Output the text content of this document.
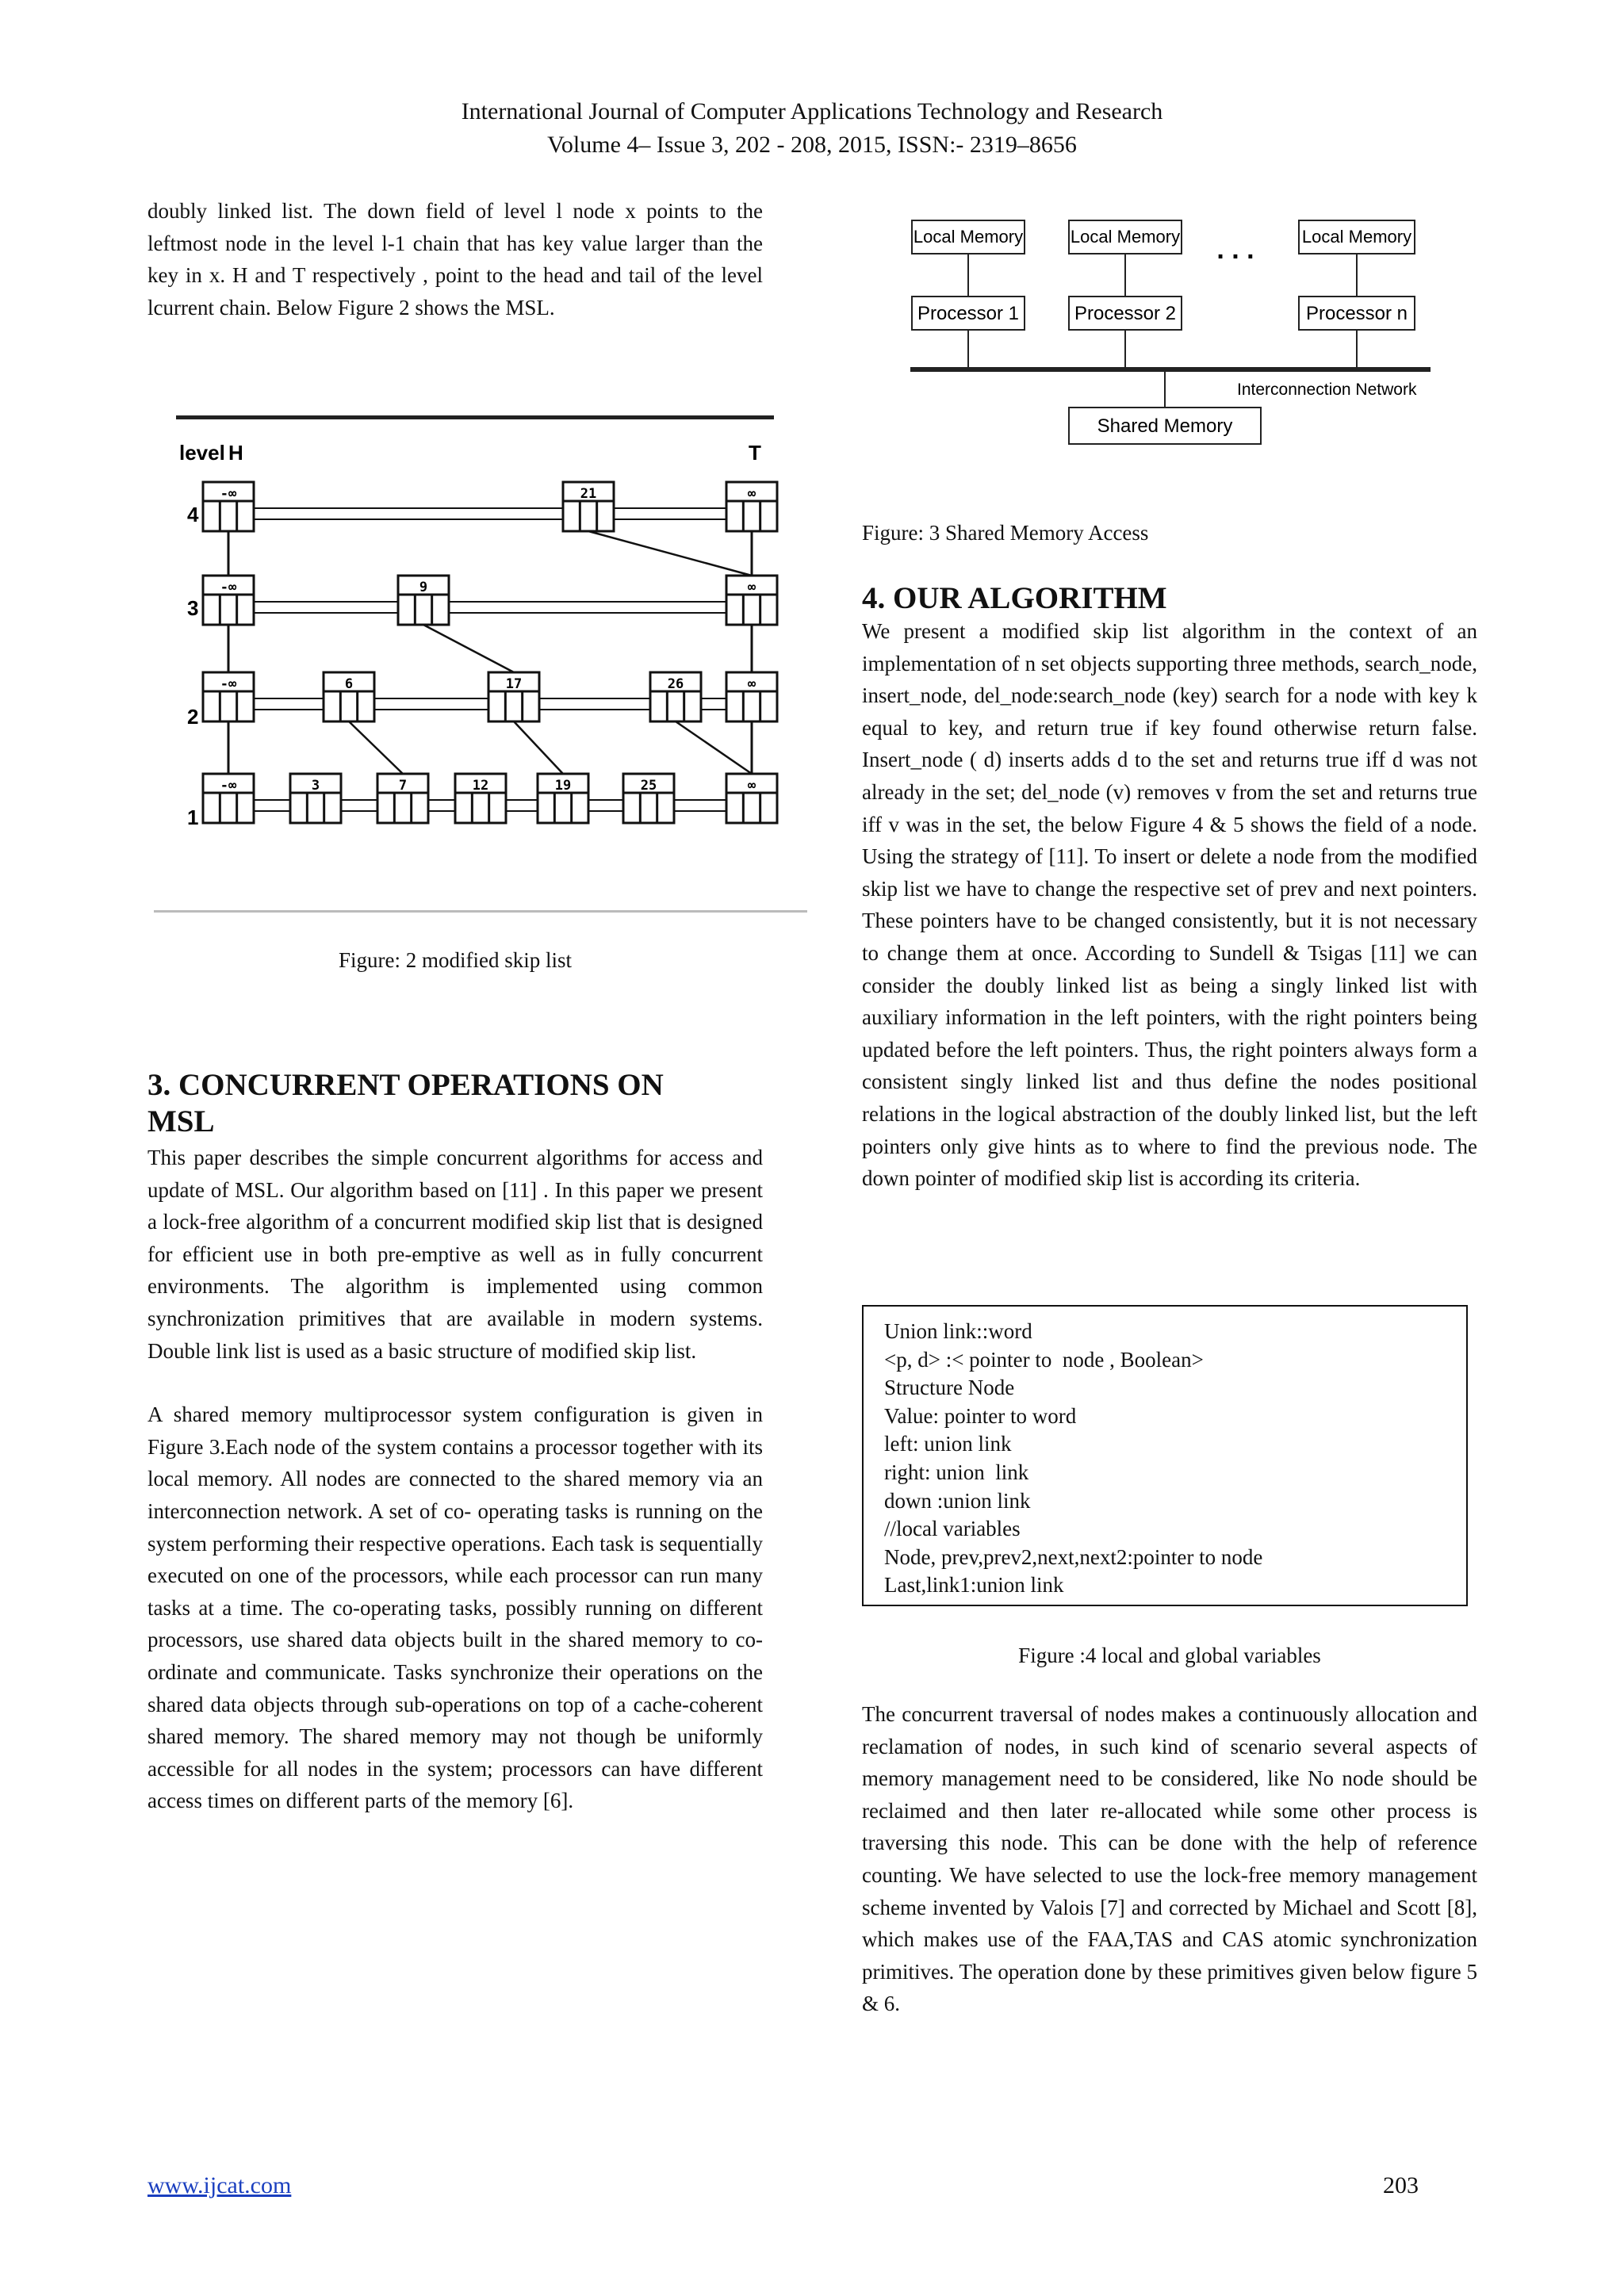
International Journal of Computer Applications Technology and Research
Volume 4– Issue 3, 202 - 208, 2015, ISSN:- 2319–8656

doubly linked list. The down field of level l node x points to the leftmost node in the level l-1 chain that has key value larger than the key in x. H and T respectively , point to the head and tail of the level lcurrent chain. Below Figure 2 shows the MSL.

level H	T
4
3
2
1
-∞	∞
21
-∞	∞
9
-∞	∞
6	17	26
-∞	∞
3	7	12	19	25
Figure: 2 modified skip list
3. CONCURRENT OPERATIONS ON
MSL

This paper describes the simple concurrent algorithms for access and update of MSL. Our algorithm based on [11] . In this paper we present a lock-free algorithm of a concurrent modified skip list that is designed for efficient use in both pre-emptive as well as in fully concurrent environments. The algorithm is implemented using common synchronization primitives that are available in modern systems. Double link list is used as a basic structure of modified skip list.

A shared memory multiprocessor system configuration is given in Figure 3.Each node of the system contains a processor together with its local memory. All nodes are connected to the shared memory via an interconnection network. A set of co- operating tasks is running on the system performing their respective operations. Each task is sequentially executed on one of the processors, while each processor can run many tasks at a time. The co-operating tasks, possibly running on different processors, use shared data objects built in the shared memory to co-ordinate and communicate. Tasks synchronize their operations on the shared data objects through sub-operations on top of a cache-coherent shared memory. The shared memory may not though be uniformly accessible for all nodes in the system; processors can have different access times on different parts of the memory [6].

Local Memory	Local Memory	Local Memory
Processor 1	Processor 2	Processor n
. . .
Interconnection Network
Shared Memory
Figure: 3 Shared Memory Access
4. OUR ALGORITHM

We present a modified skip list algorithm in the context of an implementation of n set objects supporting three methods, search_node, insert_node, del_node:search_node (key) search for a node with key k equal to key, and return true if key found otherwise return false. Insert_node ( d) inserts adds d to the set and returns true iff d was not already in the set; del_node (v) removes v from the set and returns true iff v was in the set, the below Figure 4 & 5 shows the field of a node. Using the strategy of [11]. To insert or delete a node from the modified skip list we have to change the respective set of prev and next pointers. These pointers have to be changed consistently, but it is not necessary to change them at once. According to Sundell & Tsigas [11] we can consider the doubly linked list as being a singly linked list with auxiliary information in the left pointers, with the right pointers being updated before the left pointers. Thus, the right pointers always form a consistent singly linked list and thus define the nodes positional relations in the logical abstraction of the doubly linked list, but the left pointers only give hints as to where to find the previous node. The down pointer of modified skip list is according its criteria.

Union link::word
<p, d> :< pointer to  node , Boolean>
Structure Node
Value: pointer to word
left: union link
right: union  link
down :union link
//local variables
Node, prev,prev2,next,next2:pointer to node
Last,link1:union link
Figure :4 local and global variables

The concurrent traversal of nodes makes a continuously allocation and reclamation of nodes, in such kind of scenario several aspects of memory management need to be considered, like No node should be reclaimed and then later re-allocated while some other process is traversing this node. This can be done with the help of reference counting. We have selected to use the lock-free memory management scheme invented by Valois [7] and corrected by Michael and Scott [8], which makes use of the FAA,TAS and CAS atomic synchronization primitives. The operation done by these primitives given below figure 5 & 6.

www.ijcat.com	203
